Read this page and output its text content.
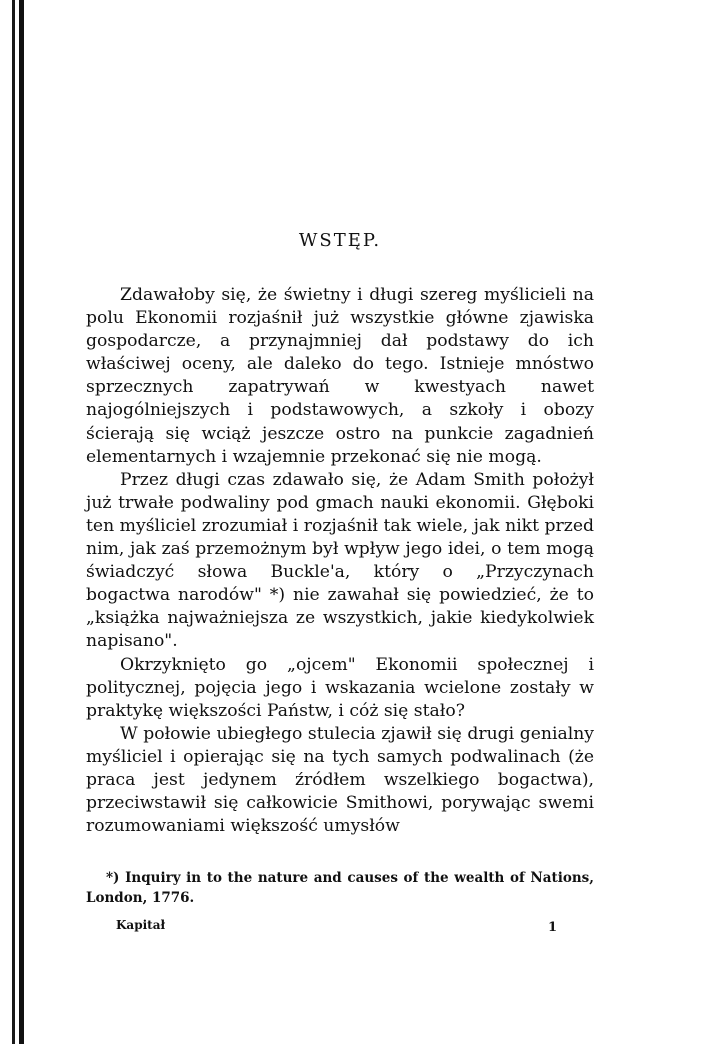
WSTĘP.

Zdawałoby się, że świetny i długi szereg myślicieli na polu Ekonomii rozjaśnił już wszystkie główne zjawiska gospodarcze, a przynajmniej dał podstawy do ich właściwej oceny, ale daleko do tego. Istnieje mnóstwo sprzecznych zapatrywań w kwestyach nawet najogólniejszych i podstawowych, a szkoły i obozy ścierają się wciąż jeszcze ostro na punkcie zagadnień elementarnych i wzajemnie przekonać się nie mogą.

Przez długi czas zdawało się, że Adam Smith położył już trwałe podwaliny pod gmach nauki ekonomii. Głęboki ten myśliciel zrozumiał i rozjaśnił tak wiele, jak nikt przed nim, jak zaś przemożnym był wpływ jego idei, o tem mogą świadczyć słowa Buckle'a, który o „Przyczynach bogactwa narodów" *) nie zawahał się powiedzieć, że to „książka najważniejsza ze wszystkich, jakie kiedykolwiek napisano".

Okrzyknięto go „ojcem" Ekonomii społecznej i politycznej, pojęcia jego i wskazania wcielone zostały w praktykę większości Państw, i cóż się stało?

W połowie ubiegłego stulecia zjawił się drugi genialny myśliciel i opierając się na tych samych podwalinach (że praca jest jedynem źródłem wszelkiego bogactwa), przeciwstawił się całkowicie Smithowi, porywając swemi rozumowaniami większość umysłów

*) Inquiry in to the nature and causes of the wealth of Nations, London, 1776.

Kapitał	1
